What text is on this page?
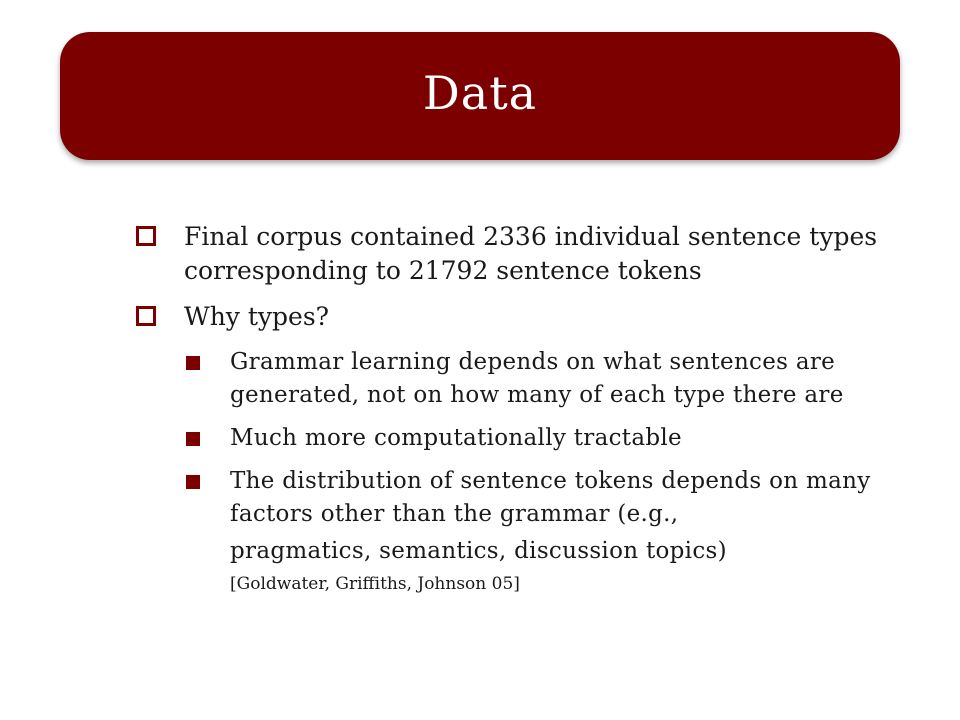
Data
Final corpus contained 2336 individual sentence types corresponding to 21792 sentence tokens
Why types?
Grammar learning depends on what sentences are generated, not on how many of each type there are
Much more computationally tractable
The distribution of sentence tokens depends on many factors other than the grammar (e.g.,
pragmatics, semantics, discussion topics)
[Goldwater, Griffiths, Johnson 05]
